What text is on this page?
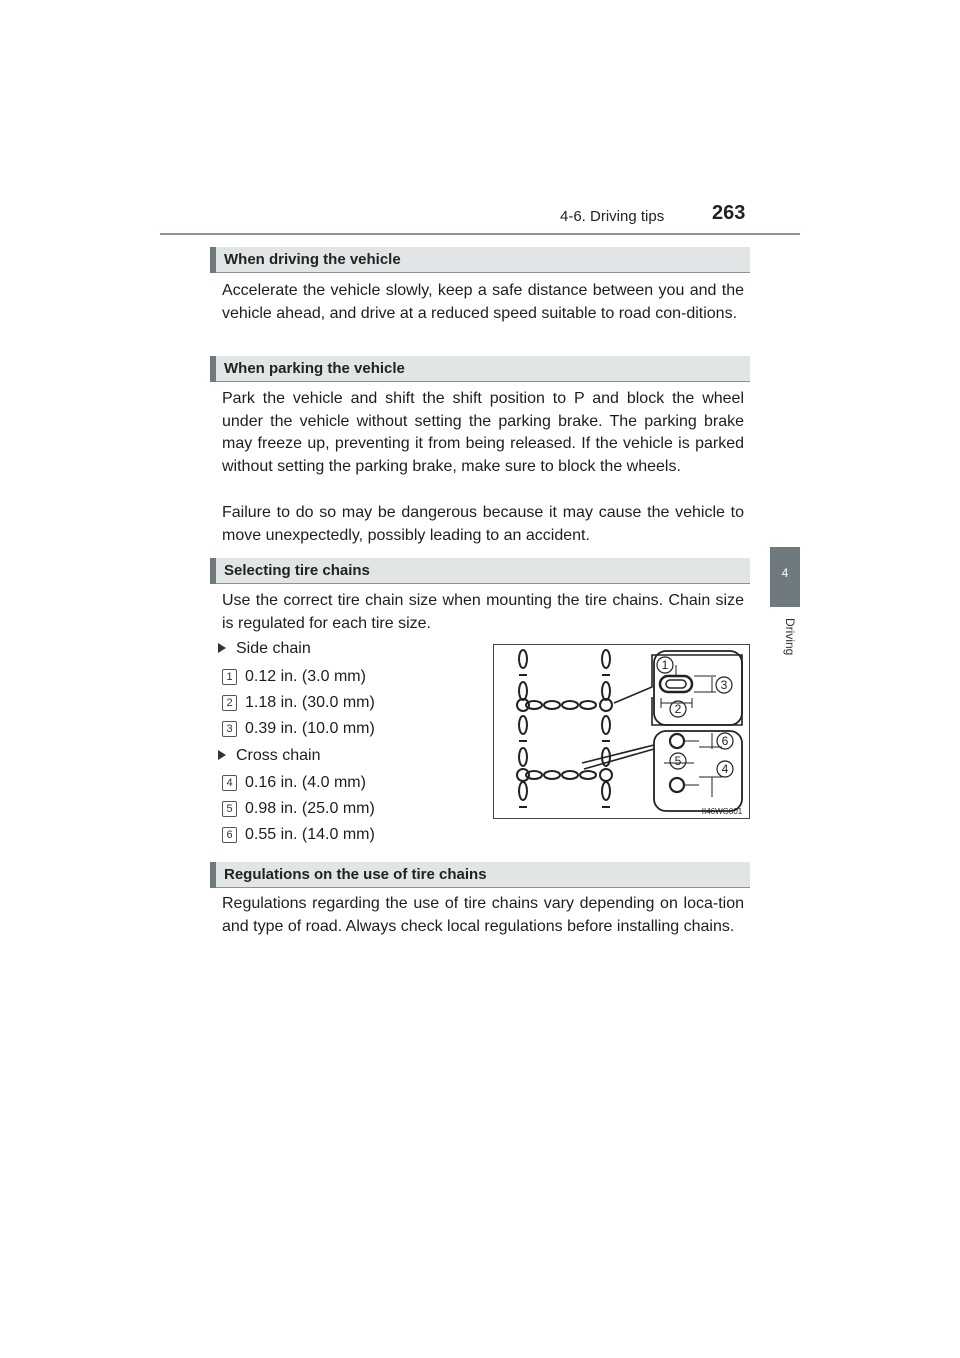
4-6. Driving tips 263
4
Driving
When driving the vehicle
Accelerate the vehicle slowly, keep a safe distance between you and the vehicle ahead, and drive at a reduced speed suitable to road con-ditions.
When parking the vehicle
Park the vehicle and shift the shift position to P and block the wheel under the vehicle without setting the parking brake. The parking brake may freeze up, preventing it from being released. If the vehicle is parked without setting the parking brake, make sure to block the wheels.
Failure to do so may be dangerous because it may cause the vehicle to move unexpectedly, possibly leading to an accident.
Selecting tire chains
Use the correct tire chain size when mounting the tire chains. Chain size is regulated for each tire size.
Side chain
1 0.12 in. (3.0 mm)
2 1.18 in. (30.0 mm)
3 0.39 in. (10.0 mm)
Cross chain
4 0.16 in. (4.0 mm)
5 0.98 in. (25.0 mm)
6 0.55 in. (14.0 mm)
1
2
3
4
5
6
II46WG001
Regulations on the use of tire chains
Regulations regarding the use of tire chains vary depending on loca-tion and type of road. Always check local regulations before installing chains.
